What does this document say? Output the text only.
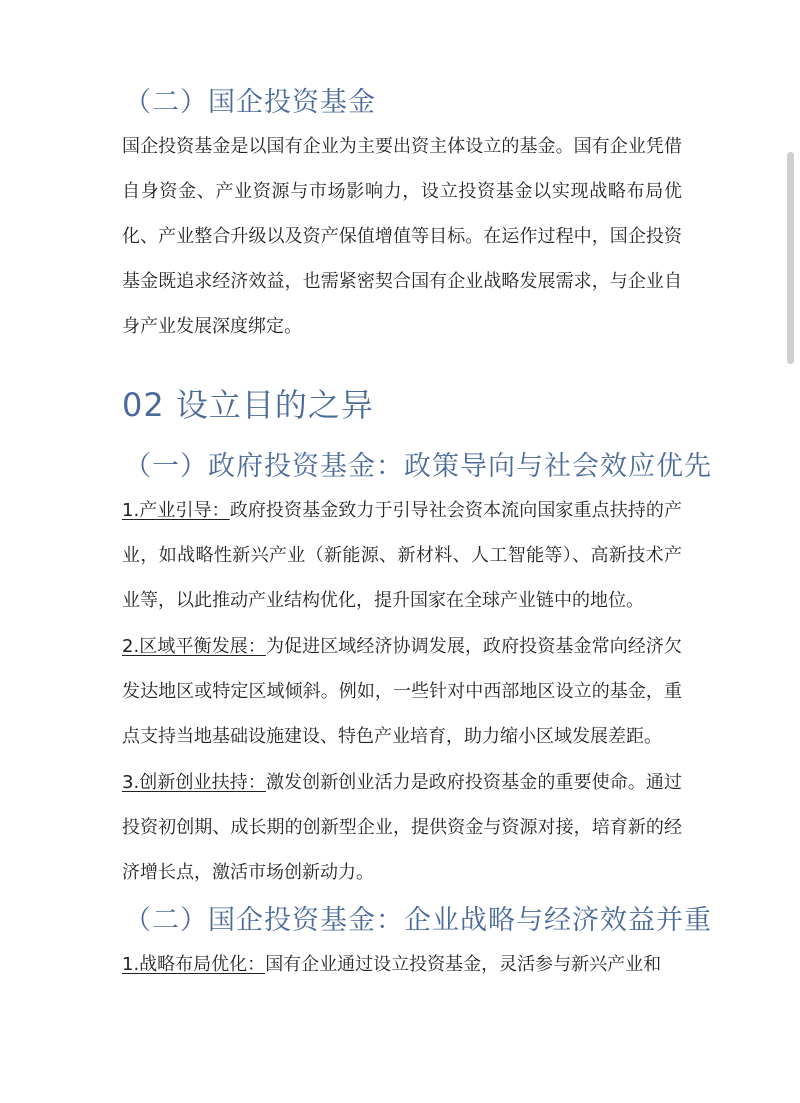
（二）国企投资基金

国企投资基金是以国有企业为主要出资主体设立的基金。国有企业凭借自身资金、产业资源与市场影响力，设立投资基金以实现战略布局优化、产业整合升级以及资产保值增值等目标。在运作过程中，国企投资基金既追求经济效益，也需紧密契合国有企业战略发展需求，与企业自身产业发展深度绑定。

02 设立目的之异
（一）政府投资基金：政策导向与社会效应优先

1.产业引导：政府投资基金致力于引导社会资本流向国家重点扶持的产业，如战略性新兴产业（新能源、新材料、人工智能等）、高新技术产业等，以此推动产业结构优化，提升国家在全球产业链中的地位。

2.区域平衡发展：为促进区域经济协调发展，政府投资基金常向经济欠发达地区或特定区域倾斜。例如，一些针对中西部地区设立的基金，重点支持当地基础设施建设、特色产业培育，助力缩小区域发展差距。

3.创新创业扶持：激发创新创业活力是政府投资基金的重要使命。通过投资初创期、成长期的创新型企业，提供资金与资源对接，培育新的经济增长点，激活市场创新动力。

（二）国企投资基金：企业战略与经济效益并重

1.战略布局优化：国有企业通过设立投资基金，灵活参与新兴产业和
